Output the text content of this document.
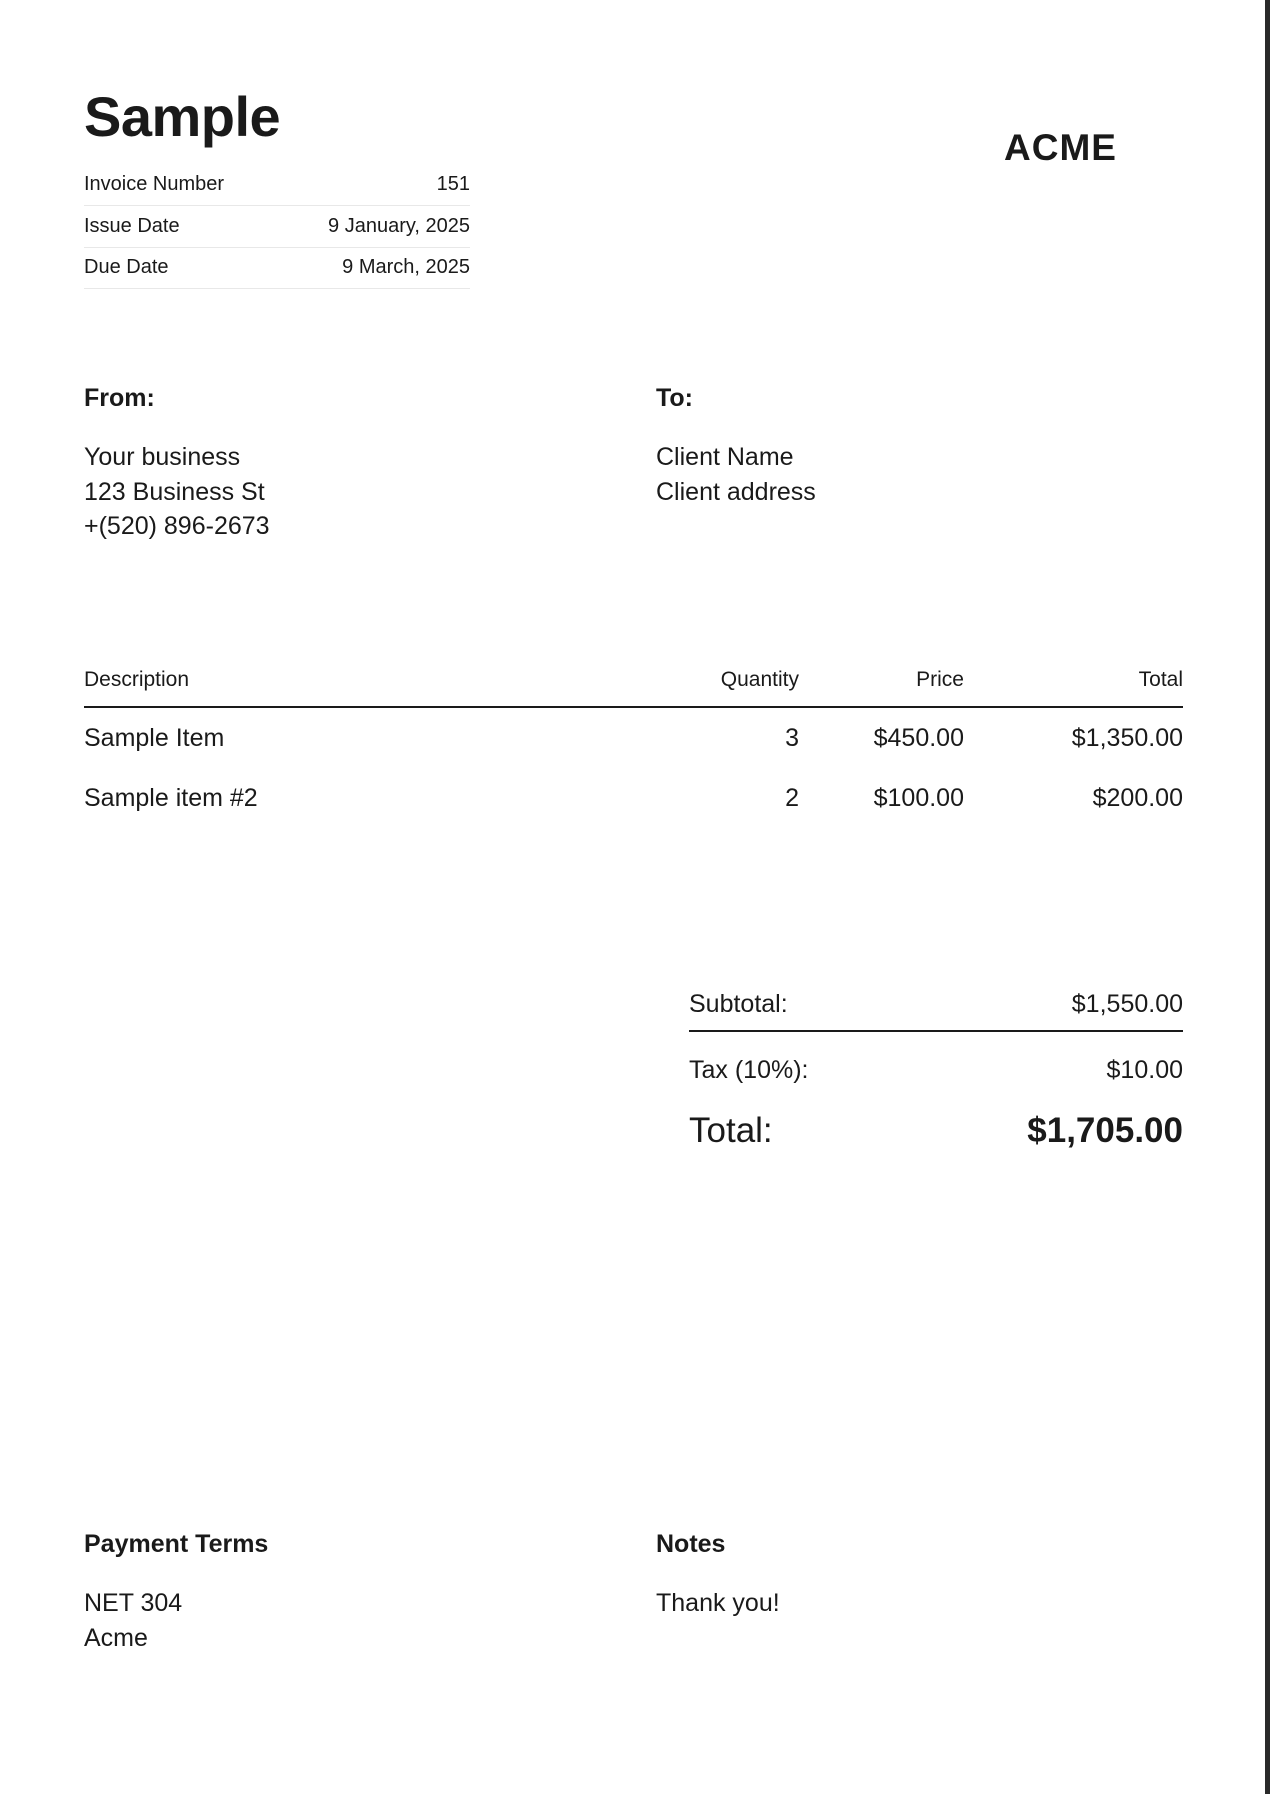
Sample	ACME
Invoice Number	151
Issue Date	9 January, 2025
Due Date	9 March, 2025
From:
Your business
123 Business St
+(520) 896-2673
To:
Client Name
Client address
Description	Quantity	Price	Total
Sample Item	3	$450.00	$1,350.00
Sample item #2	2	$100.00	$200.00
Subtotal:	$1,550.00
Tax (10%):	$10.00
Total:	$1,705.00
Payment Terms
NET 304
Acme
Notes
Thank you!
